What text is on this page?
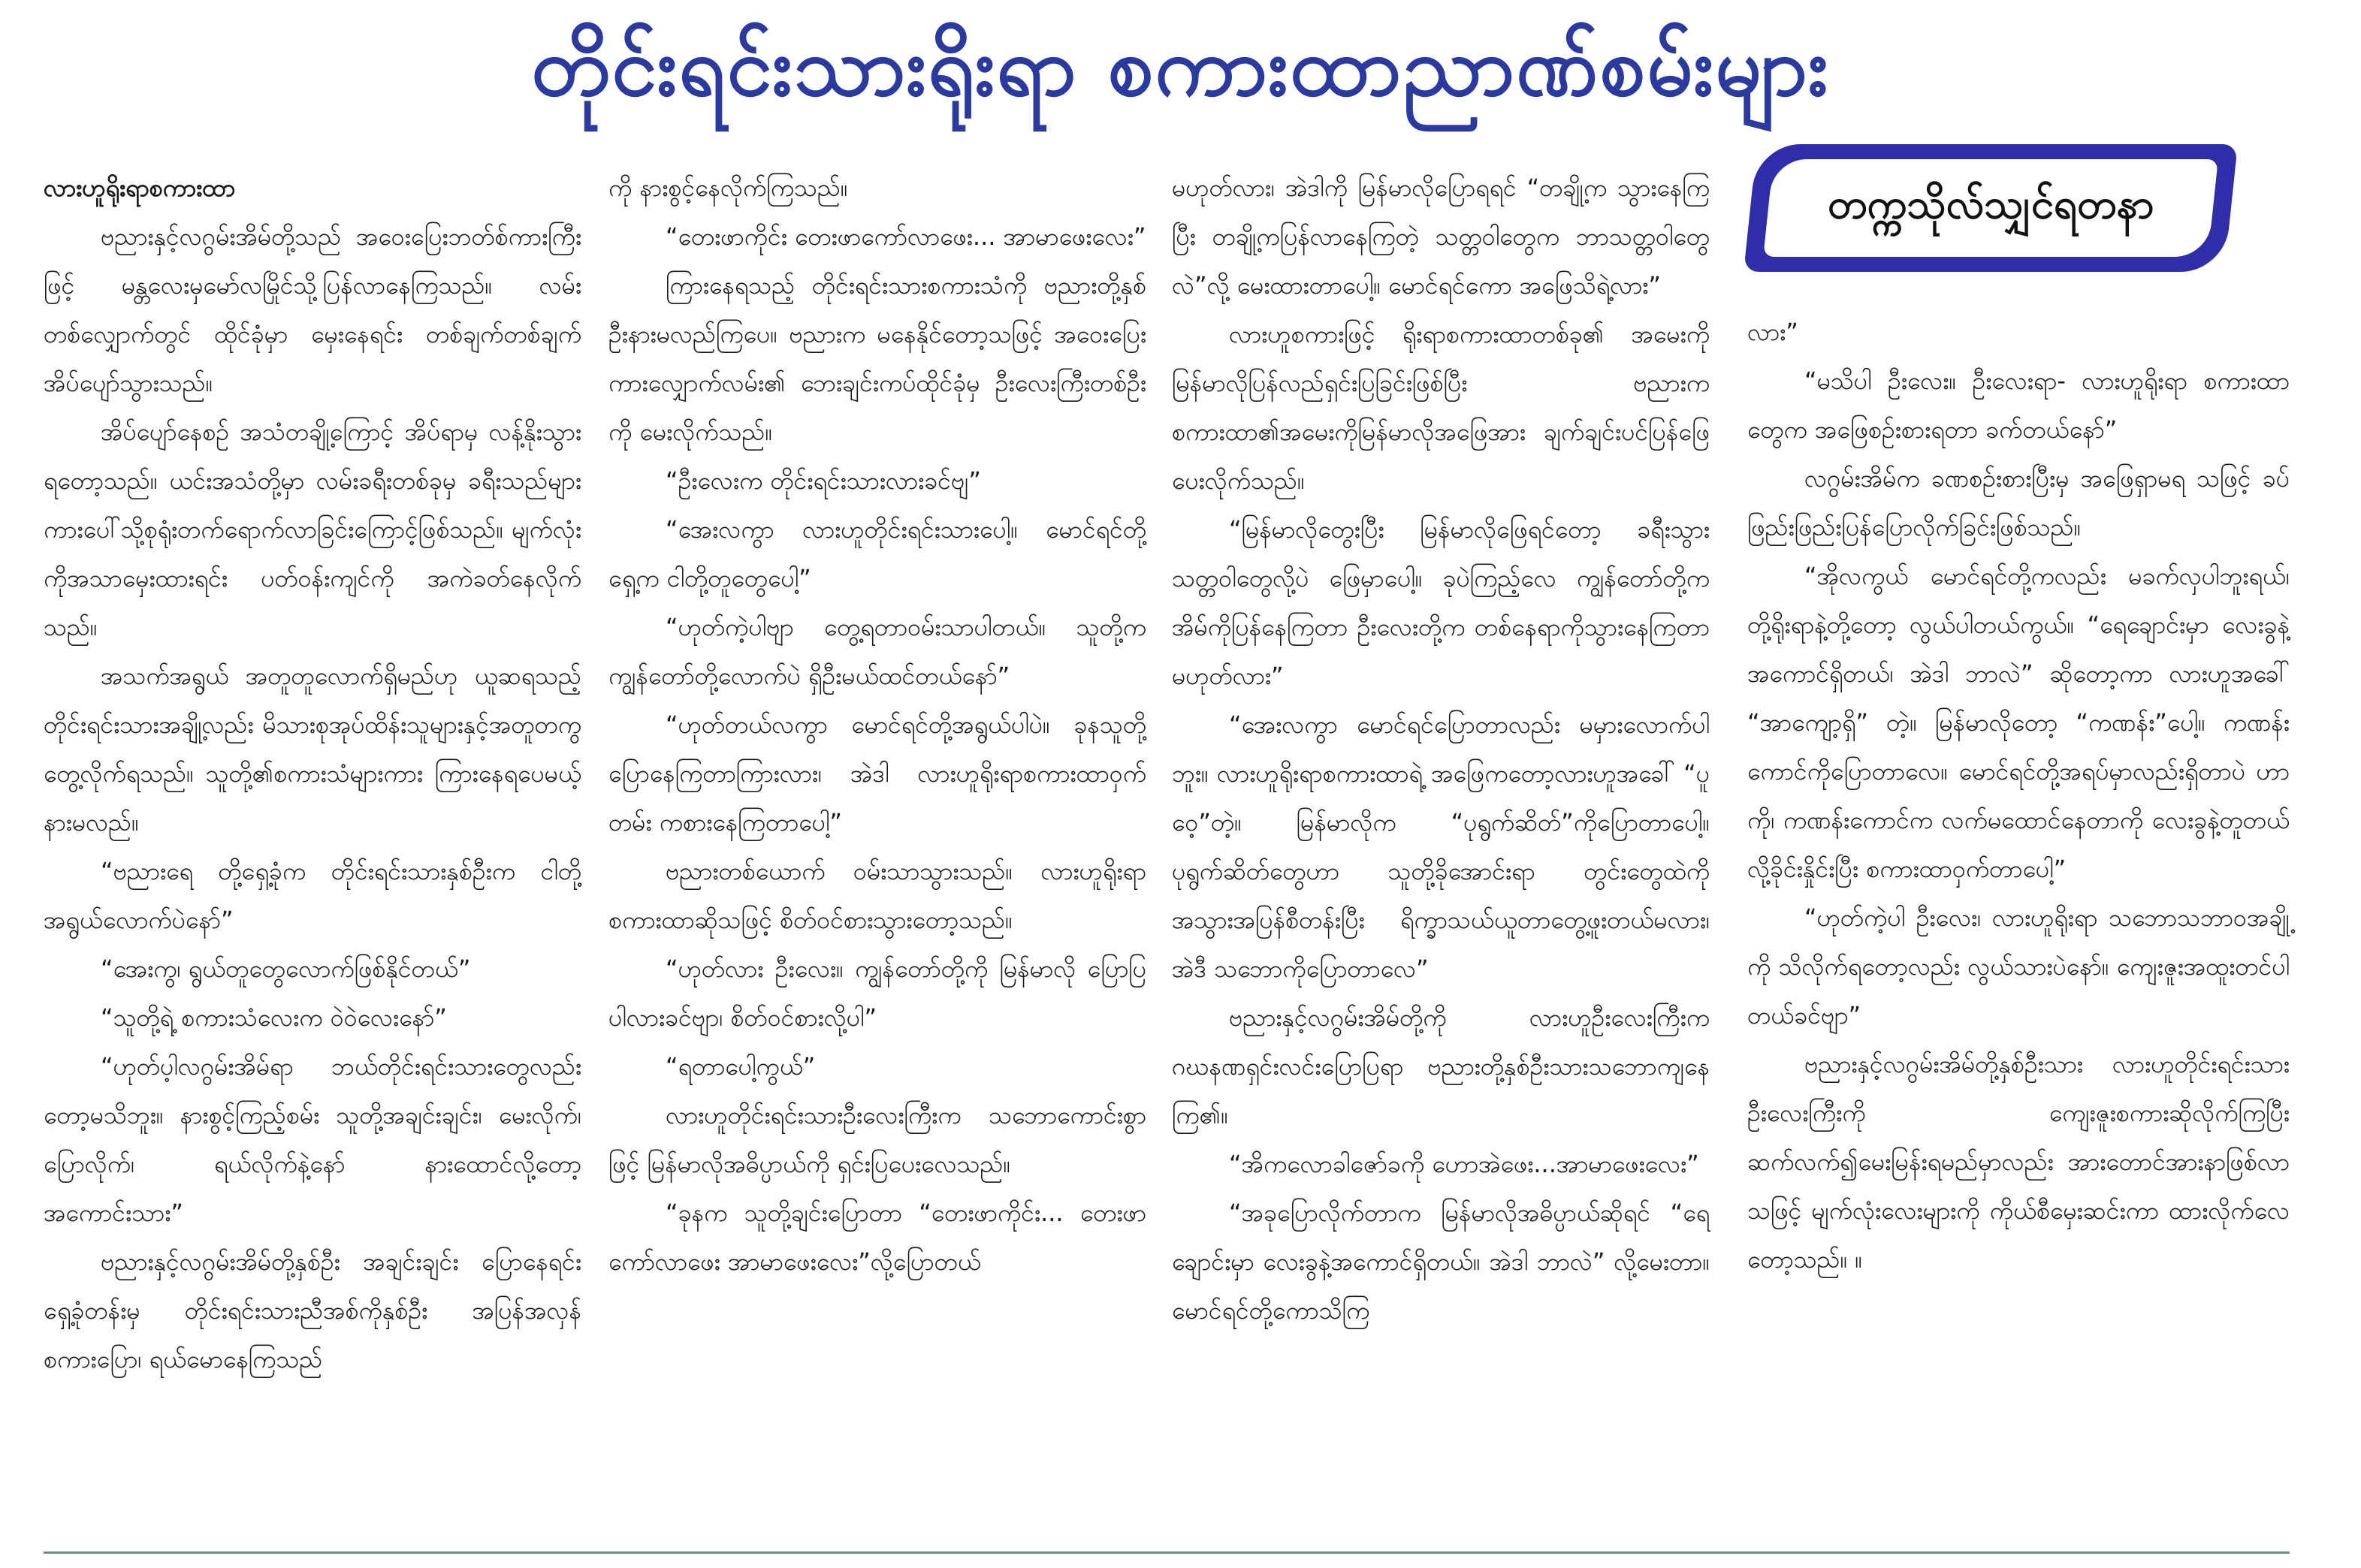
တိုင်းရင်းသားရိုးရာ စကားထာညာဏ်စမ်းများ
တက္ကသိုလ်သျှင်ရတနာ

လားဟူရိုးရာစကားထာ

ဗညားနှင့်လဂွမ်းအိမ်တို့သည် အဝေးပြေးဘတ်စ်ကားကြီးဖြင့် မန္တလေးမှမော်လမြိုင်သို့ပြန်လာနေကြသည်။ လမ်းတစ်လျှောက်တွင် ထိုင်ခုံမှာ မှေးနေရင်း တစ်ချက်တစ်ချက် အိပ်ပျော်သွားသည်။

အိပ်ပျော်နေစဉ် အသံတချို့ကြောင့် အိပ်ရာမှ လန့်နိုးသွားရတော့သည်။ ယင်းအသံတို့မှာ လမ်းခရီးတစ်ခုမှ ခရီးသည်များ ကားပေါ်သို့စုရုံးတက်ရောက်လာခြင်းကြောင့်ဖြစ်သည်။ မျက်လုံးကိုအသာမှေးထားရင်း ပတ်ဝန်းကျင်ကို အကဲခတ်နေလိုက်သည်။

အသက်အရွယ် အတူတူလောက်ရှိမည်ဟု ယူဆရသည့် တိုင်းရင်းသားအချို့လည်း မိသားစုအုပ်ထိန်းသူများနှင့်အတူတကွ တွေ့လိုက်ရသည်။ သူတို့၏စကားသံများကား ကြားနေရပေမယ့် နားမလည်။

“ဗညားရေ တို့ရှေ့ခုံက တိုင်းရင်းသားနှစ်ဦးက ငါတို့အရွယ်လောက်ပဲနော်”

“အေးကွ၊ ရွယ်တူတွေလောက်ဖြစ်နိုင်တယ်”

“သူတို့ရဲ့ စကားသံလေးက ဝဲဝဲလေးနော်”

“ဟုတ်ပ့ါလဂွမ်းအိမ်ရာ ဘယ်တိုင်းရင်းသားတွေလည်းတော့မသိဘူး။ နားစွင့်ကြည့်စမ်း သူတို့အချင်းချင်း၊ မေးလိုက်၊ ပြောလိုက်၊ ရယ်လိုက်နဲ့နော် နားထောင်လို့တော့ အကောင်းသား”

ဗညားနှင့်လဂွမ်းအိမ်တို့နှစ်ဦး အချင်းချင်း ပြောနေရင်း ရှေ့ခုံတန်းမှ တိုင်းရင်းသားညီအစ်ကိုနှစ်ဦး အပြန်အလှန်စကားပြော၊ ရယ်မောနေကြသည်

ကို နားစွင့်နေလိုက်ကြသည်။

“တေးဖာကိုင်း တေးဖာကော်လာဖေး... အာမာဖေးလေး”

ကြားနေရသည့် တိုင်းရင်းသားစကားသံကို ဗညားတို့နှစ်ဦးနားမလည်ကြပေ။ ဗညားက မနေနိုင်တော့သဖြင့် အဝေးပြေးကားလျှောက်လမ်း၏ ဘေးချင်းကပ်ထိုင်ခုံမှ ဦးလေးကြီးတစ်ဦးကို မေးလိုက်သည်။

“ဦးလေးက တိုင်းရင်းသားလားခင်ဗျ”

“အေးလကွာ လားဟူတိုင်းရင်းသားပေါ့။ မောင်ရင်တို့ရှေ့က ငါတို့တူတွေပေါ့”

“ဟုတ်ကဲ့ပါဗျာ တွေ့ရတာဝမ်းသာပါတယ်။ သူတို့က ကျွန်တော်တို့လောက်ပဲ ရှိဦးမယ်ထင်တယ်နော်”

“ဟုတ်တယ်လကွာ မောင်ရင်တို့အရွယ်ပါပဲ။ ခုနသူတို့ပြောနေကြတာကြားလား၊ အဲဒါ လားဟူရိုးရာစကားထာဝှက်တမ်း ကစားနေကြတာပေါ့”

ဗညားတစ်ယောက် ဝမ်းသာသွားသည်။ လားဟူရိုးရာစကားထာဆိုသဖြင့် စိတ်ဝင်စားသွားတော့သည်။

“ဟုတ်လား ဦးလေး။ ကျွန်တော်တို့ကို မြန်မာလို ပြောပြပါလားခင်ဗျာ၊ စိတ်ဝင်စားလို့ပါ”

“ရတာပေါ့ကွယ်”

လားဟူတိုင်းရင်းသားဦးလေးကြီးက သဘောကောင်းစွာဖြင့် မြန်မာလိုအဓိပ္ပာယ်ကို ရှင်းပြပေးလေသည်။

“ခုနက သူတို့ချင်းပြောတာ “တေးဖာကိုင်း... တေးဖာကော်လာဖေး အာမာဖေးလေး”လို့ပြောတယ်

မဟုတ်လား၊ အဲဒါကို မြန်မာလိုပြောရရင် “တချို့က သွားနေကြပြီး တချို့ကပြန်လာနေကြတဲ့ သတ္တဝါတွေက ဘာသတ္တဝါတွေလဲ”လို့ မေးထားတာပေါ့။ မောင်ရင်ကော အဖြေသိရဲ့လား”

လားဟူစကားဖြင့် ရိုးရာစကားထာတစ်ခု၏ အမေးကို မြန်မာလိုပြန်လည်ရှင်းပြခြင်းဖြစ်ပြီး ဗညားကစကားထာ၏အမေးကိုမြန်မာလိုအဖြေအား ချက်ချင်းပင်ပြန်ဖြေပေးလိုက်သည်။

“မြန်မာလိုတွေးပြီး မြန်မာလိုဖြေရင်တော့ ခရီးသွားသတ္တဝါတွေလို့ပဲ ဖြေမှာပေါ့။ ခုပဲကြည့်လေ ကျွန်တော်တို့က အိမ်ကိုပြန်နေကြတာ ဦးလေးတို့က တစ်နေရာကိုသွားနေကြတာ မဟုတ်လား”

“အေးလကွာ မောင်ရင်ပြောတာလည်း မမှားလောက်ပါဘူး။ လားဟူရိုးရာစကားထာရဲ့ အဖြေကတော့လားဟူအခေါ် “ပူဝေ့”တဲ့။ မြန်မာလိုက “ပုရွက်ဆိတ်”ကိုပြောတာပေါ့။ ပုရွက်ဆိတ်တွေဟာ သူတို့ခိုအောင်းရာ တွင်းတွေထဲကို အသွားအပြန်စီတန်းပြီး ရိက္ခာသယ်ယူတာတွေ့ဖူးတယ်မလား၊ အဲဒီ သဘောကိုပြောတာလေ”

ဗညားနှင့်လဂွမ်းအိမ်တို့ကို လားဟူဦးလေးကြီးက ဂဃနဏရှင်းလင်းပြောပြရာ ဗညားတို့နှစ်ဦးသားသဘောကျနေကြ၏။

“အိကလောခါဇော်ခကို ဟောအဲဖေး...အာမာဖေးလေး”

“အခုပြောလိုက်တာက မြန်မာလိုအဓိပ္ပာယ်ဆိုရင် “ရေချောင်းမှာ လေးခွနဲ့အကောင်ရှိတယ်။ အဲဒါ ဘာလဲ” လို့မေးတာ။ မောင်ရင်တို့ကောသိကြ

လား”

“မသိပါ ဦးလေး။ ဦးလေးရာ- လားဟူရိုးရာ စကားထာတွေက အဖြေစဉ်းစားရတာ ခက်တယ်နော်”

လဂွမ်းအိမ်က ခဏစဉ်းစားပြီးမှ အဖြေရှာမရ သဖြင့် ခပ်ဖြည်းဖြည်းပြန်ပြောလိုက်ခြင်းဖြစ်သည်။

“အိုလကွယ် မောင်ရင်တို့ကလည်း မခက်လှပါဘူးရယ်၊ တို့ရိုးရာနဲ့တို့တော့ လွယ်ပါတယ်ကွယ်။ “ရေချောင်းမှာ လေးခွနဲ့အကောင်ရှိတယ်၊ အဲဒါ ဘာလဲ” ဆိုတော့ကာ လားဟူအခေါ် “အာကျော့ရှိ” တဲ့။ မြန်မာလိုတော့ “ကဏန်း”ပေါ့။ ကဏန်းကောင်ကိုပြောတာလေ။ မောင်ရင်တို့အရပ်မှာလည်းရှိတာပဲ ဟာကို၊ ကဏန်းကောင်က လက်မထောင်နေတာကို လေးခွနဲ့တူတယ်လို့ခိုင်းနှိုင်းပြီး စကားထာဝှက်တာပေါ့”

“ဟုတ်ကဲ့ပါ ဦးလေး၊ လားဟူရိုးရာ သဘောသဘာဝအချို့ကို သိလိုက်ရတော့လည်း လွယ်သားပဲနော်။ ကျေးဇူးအထူးတင်ပါတယ်ခင်ဗျာ”

ဗညားနှင့်လဂွမ်းအိမ်တို့နှစ်ဦးသား လားဟူတိုင်းရင်းသားဦးလေးကြီးကို ကျေးဇူးစကားဆိုလိုက်ကြပြီး ဆက်လက်၍မေးမြန်းရမည်မှာလည်း အားတောင်အားနာဖြစ်လာသဖြင့် မျက်လုံးလေးများကို ကိုယ်စီမှေးဆင်းကာ ထားလိုက်လေတော့သည်။ ။
